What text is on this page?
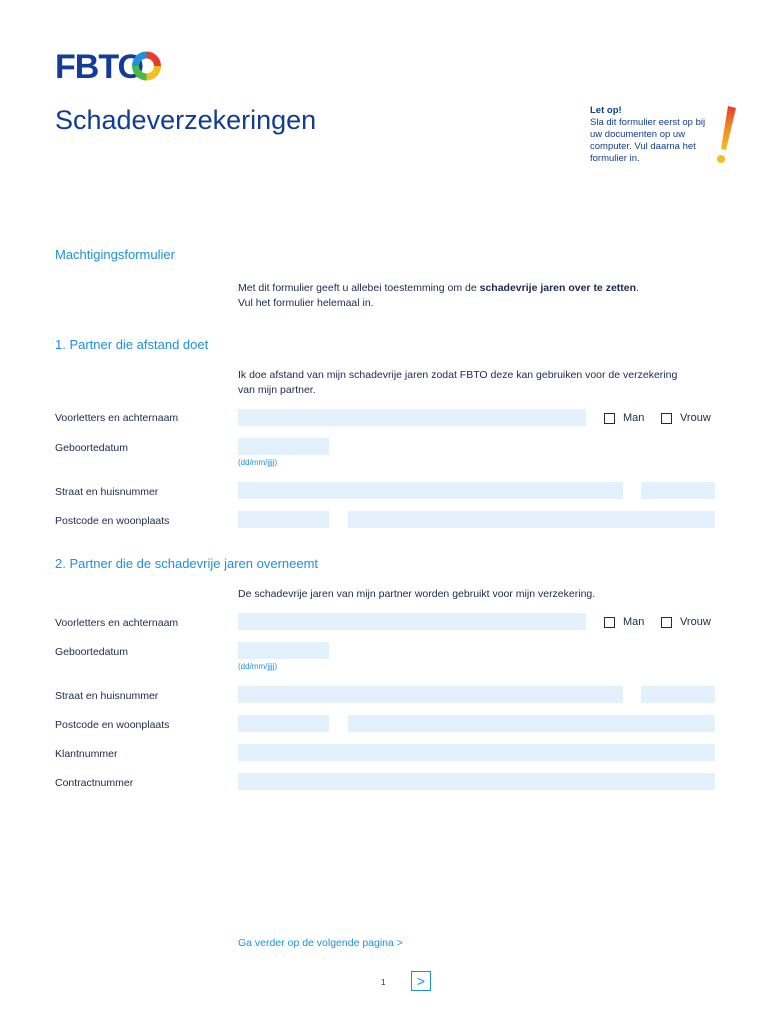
FBTO
Schadeverzekeringen	Let op!
Sla dit formulier eerst op bij uw documenten op uw computer. Vul daarna het formulier in.
Machtigingsformulier
Met dit formulier geeft u allebei toestemming om de schadevrije jaren over te zetten.
Vul het formulier helemaal in.
1. Partner die afstand doet
Ik doe afstand van mijn schadevrije jaren zodat FBTO deze kan gebruiken voor de verzekering van mijn partner.
Voorletters en achternaam	Man	Vrouw
Geboortedatum
(dd/mm/jjjj)
Straat en huisnummer
Postcode en woonplaats
2. Partner die de schadevrije jaren overneemt
De schadevrije jaren van mijn partner worden gebruikt voor mijn verzekering.
Voorletters en achternaam	Man	Vrouw
Geboortedatum
(dd/mm/jjjj)
Straat en huisnummer
Postcode en woonplaats
Klantnummer
Contractnummer
Ga verder op de volgende pagina >
1	>
